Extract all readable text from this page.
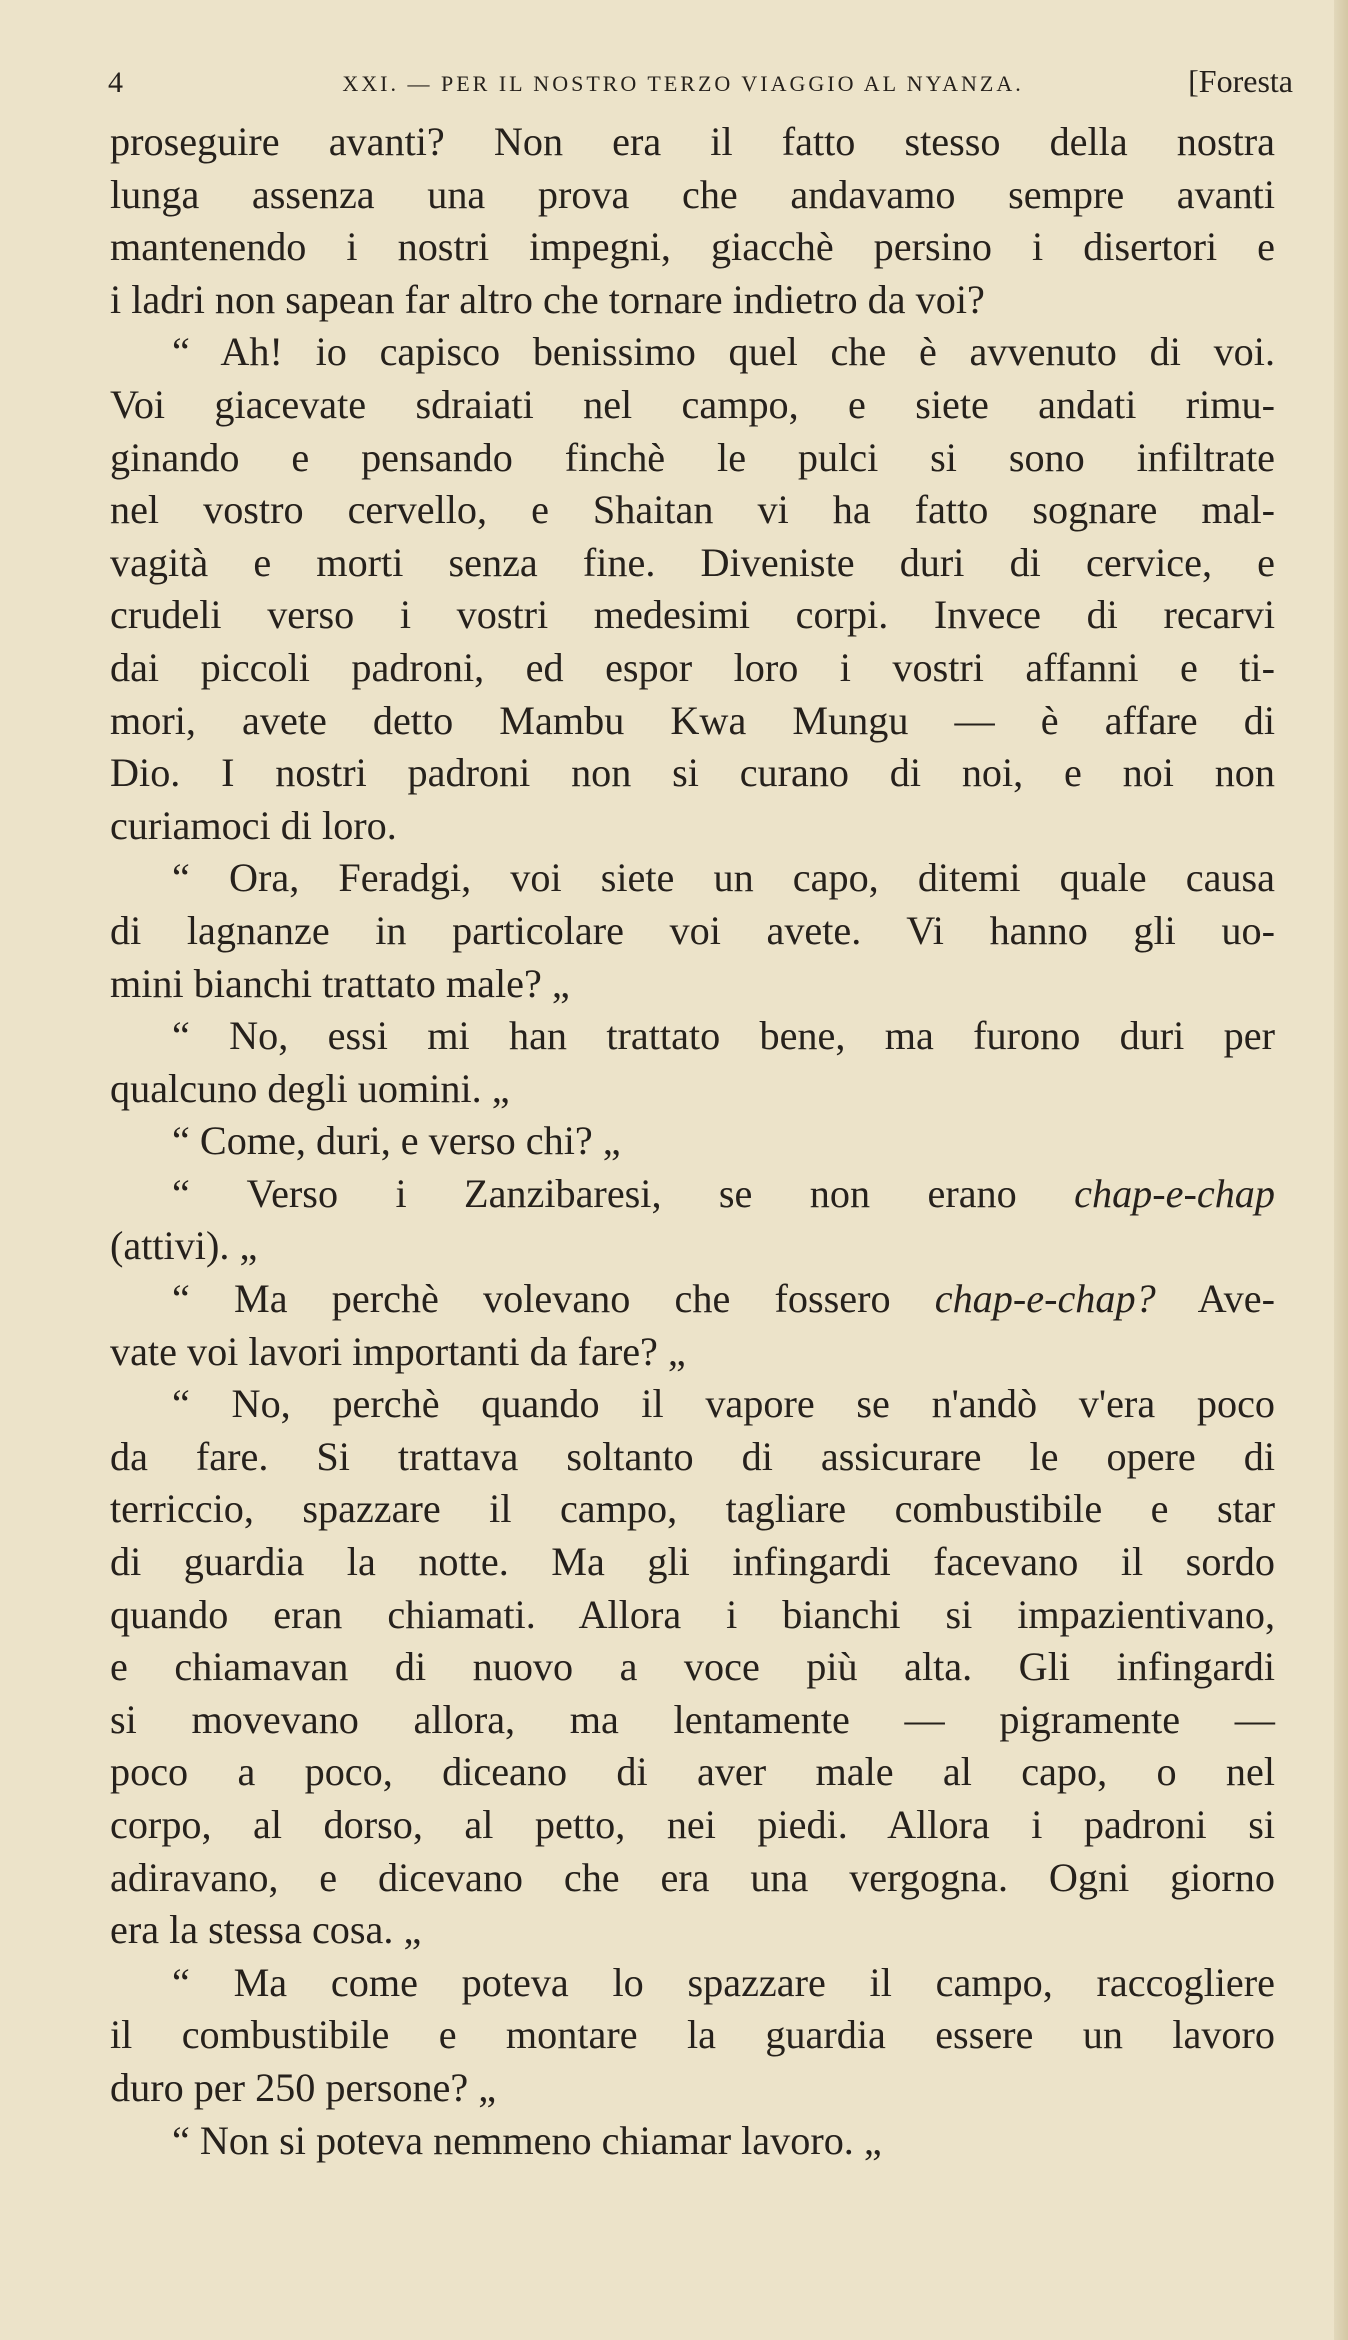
4	XXI. — PER IL NOSTRO TERZO VIAGGIO AL NYANZA.	[Foresta
proseguire avanti? Non era il fatto stesso della nostra
lunga assenza una prova che andavamo sempre avanti
mantenendo i nostri impegni, giacchè persino i disertori e
i ladri non sapean far altro che tornare indietro da voi?
“ Ah! io capisco benissimo quel che è avvenuto di voi.
Voi giacevate sdraiati nel campo, e siete andati rimu-
ginando e pensando finchè le pulci si sono infiltrate
nel vostro cervello, e Shaitan vi ha fatto sognare mal-
vagità e morti senza fine. Diveniste duri di cervice, e
crudeli verso i vostri medesimi corpi. Invece di recarvi
dai piccoli padroni, ed espor loro i vostri affanni e ti-
mori, avete detto Mambu Kwa Mungu — è affare di
Dio. I nostri padroni non si curano di noi, e noi non
curiamoci di loro.
“ Ora, Feradgi, voi siete un capo, ditemi quale causa
di lagnanze in particolare voi avete. Vi hanno gli uo-
mini bianchi trattato male? „
“ No, essi mi han trattato bene, ma furono duri per
qualcuno degli uomini. „
“ Come, duri, e verso chi? „
“ Verso i Zanzibaresi, se non erano chap-e-chap
(attivi). „
“ Ma perchè volevano che fossero chap-e-chap? Ave-
vate voi lavori importanti da fare? „
“ No, perchè quando il vapore se n'andò v'era poco
da fare. Si trattava soltanto di assicurare le opere di
terriccio, spazzare il campo, tagliare combustibile e star
di guardia la notte. Ma gli infingardi facevano il sordo
quando eran chiamati. Allora i bianchi si impazientivano,
e chiamavan di nuovo a voce più alta. Gli infingardi
si movevano allora, ma lentamente — pigramente —
poco a poco, diceano di aver male al capo, o nel
corpo, al dorso, al petto, nei piedi. Allora i padroni si
adiravano, e dicevano che era una vergogna. Ogni giorno
era la stessa cosa. „
“ Ma come poteva lo spazzare il campo, raccogliere
il combustibile e montare la guardia essere un lavoro
duro per 250 persone? „
“ Non si poteva nemmeno chiamar lavoro. „
